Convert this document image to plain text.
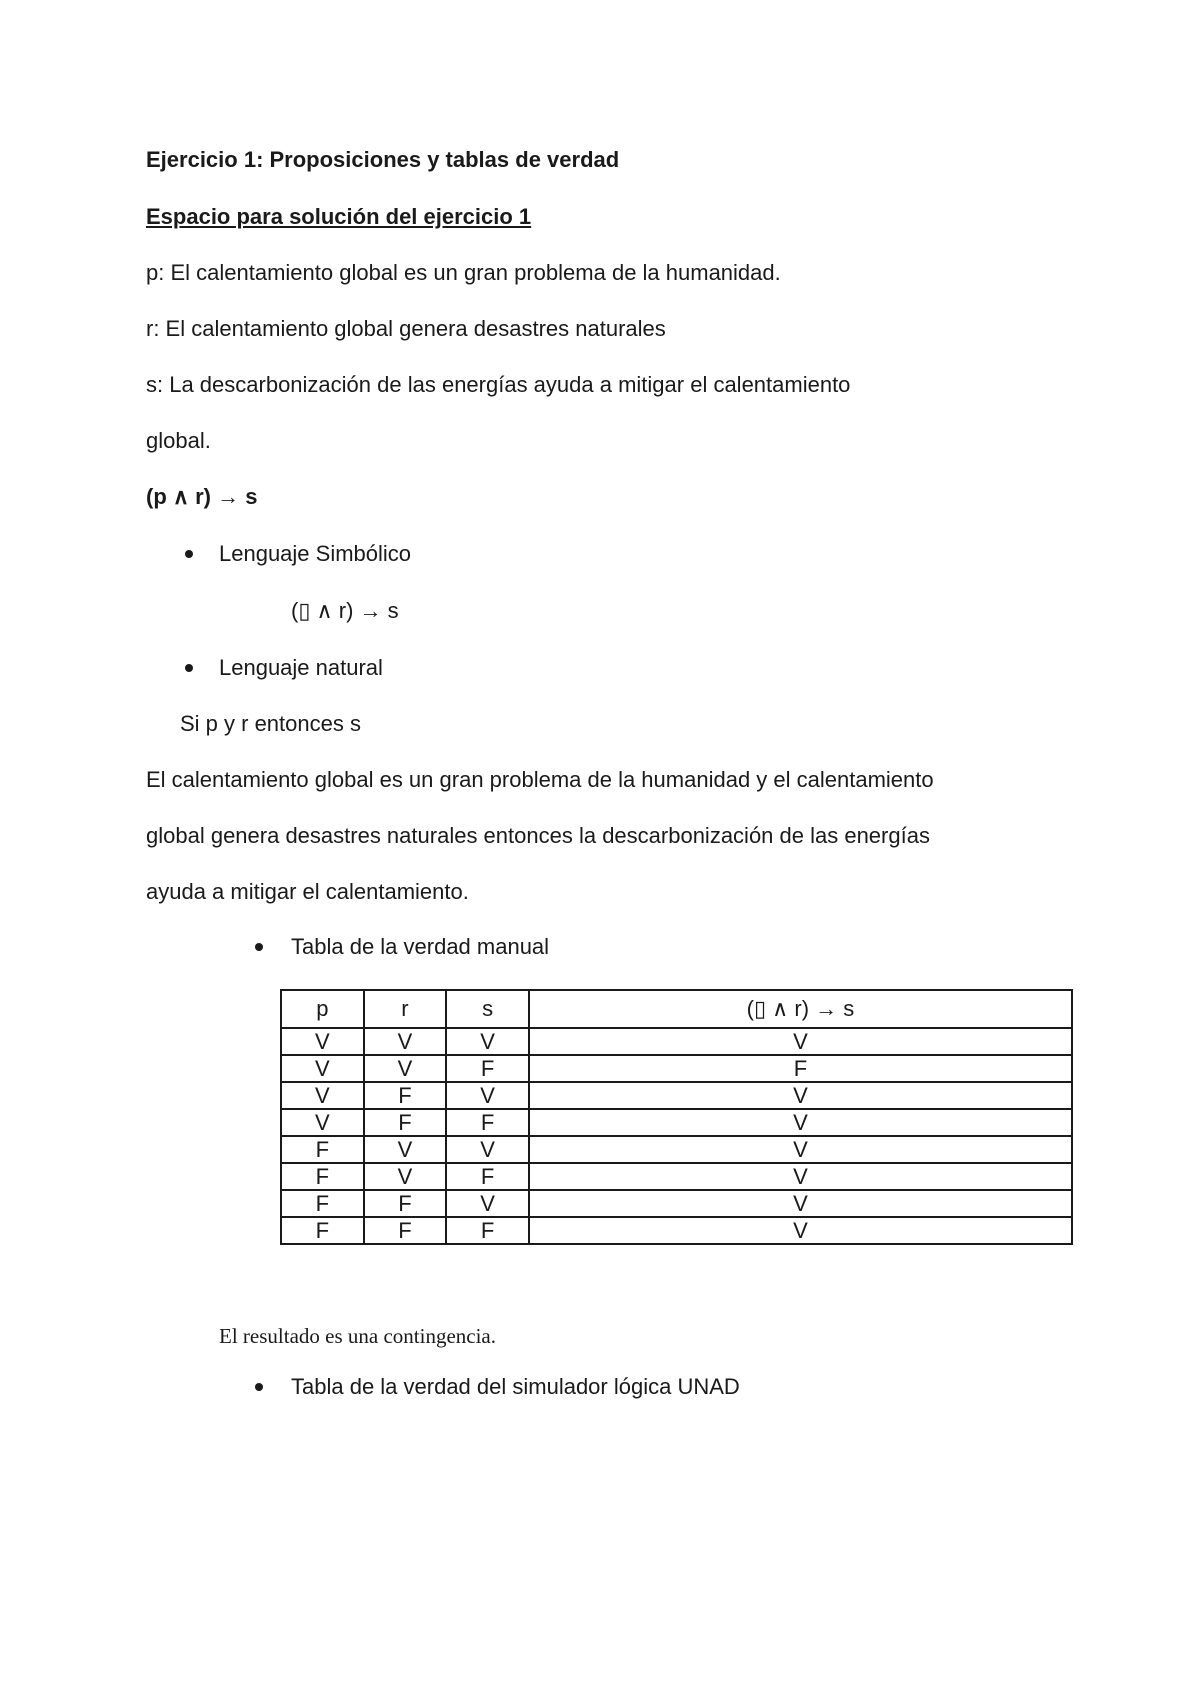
Ejercicio 1: Proposiciones y tablas de verdad
Espacio para solución del ejercicio 1
p: El calentamiento global es un gran problema de la humanidad.
r: El calentamiento global genera desastres naturales
s: La descarbonización de las energías ayuda a mitigar el calentamiento
global.
(p ∧ r) → s
Lenguaje Simbólico
(▯ ∧ r) → s
Lenguaje natural
Si p y r entonces s
El calentamiento global es un gran problema de la humanidad y el calentamiento
global genera desastres naturales entonces la descarbonización de las energías
ayuda a mitigar el calentamiento.
Tabla de la verdad manual
p	r	s	(▯ ∧ r) → s
V	V	V	V
V	V	F	F
V	F	V	V
V	F	F	V
F	V	V	V
F	V	F	V
F	F	V	V
F	F	F	V
El resultado es una contingencia.
Tabla de la verdad del simulador lógica UNAD
